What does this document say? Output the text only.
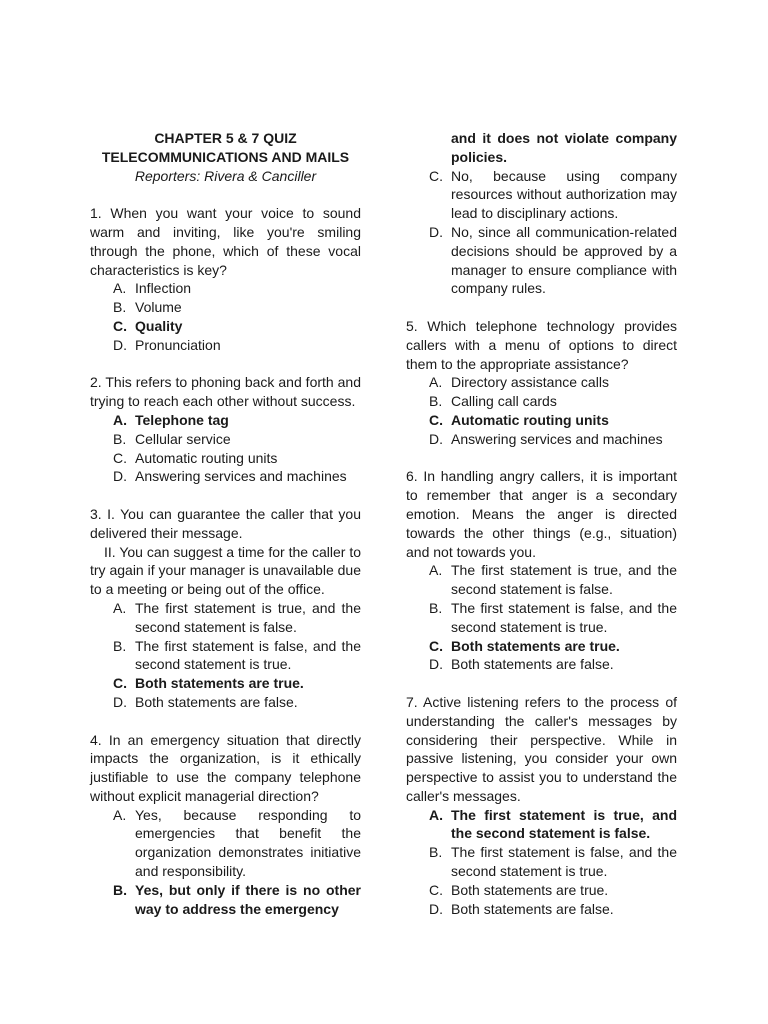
CHAPTER 5 & 7 QUIZ
TELECOMMUNICATIONS AND MAILS
Reporters: Rivera & Canciller
1. When you want your voice to sound warm and inviting, like you're smiling through the phone, which of these vocal characteristics is key?
A. Inflection
B. Volume
C. Quality
D. Pronunciation
2. This refers to phoning back and forth and trying to reach each other without success.
A. Telephone tag
B. Cellular service
C. Automatic routing units
D. Answering services and machines
3. I. You can guarantee the caller that you delivered their message.
II. You can suggest a time for the caller to try again if your manager is unavailable due to a meeting or being out of the office.
A. The first statement is true, and the second statement is false.
B. The first statement is false, and the second statement is true.
C. Both statements are true.
D. Both statements are false.
4. In an emergency situation that directly impacts the organization, is it ethically justifiable to use the company telephone without explicit managerial direction?
A. Yes, because responding to emergencies that benefit the organization demonstrates initiative and responsibility.
B. Yes, but only if there is no other way to address the emergency
and it does not violate company policies.
C. No, because using company resources without authorization may lead to disciplinary actions.
D. No, since all communication-related decisions should be approved by a manager to ensure compliance with company rules.
5. Which telephone technology provides callers with a menu of options to direct them to the appropriate assistance?
A. Directory assistance calls
B. Calling call cards
C. Automatic routing units
D. Answering services and machines
6. In handling angry callers, it is important to remember that anger is a secondary emotion. Means the anger is directed towards the other things (e.g., situation) and not towards you.
A. The first statement is true, and the second statement is false.
B. The first statement is false, and the second statement is true.
C. Both statements are true.
D. Both statements are false.
7. Active listening refers to the process of understanding the caller's messages by considering their perspective. While in passive listening, you consider your own perspective to assist you to understand the caller's messages.
A. The first statement is true, and the second statement is false.
B. The first statement is false, and the second statement is true.
C. Both statements are true.
D. Both statements are false.
